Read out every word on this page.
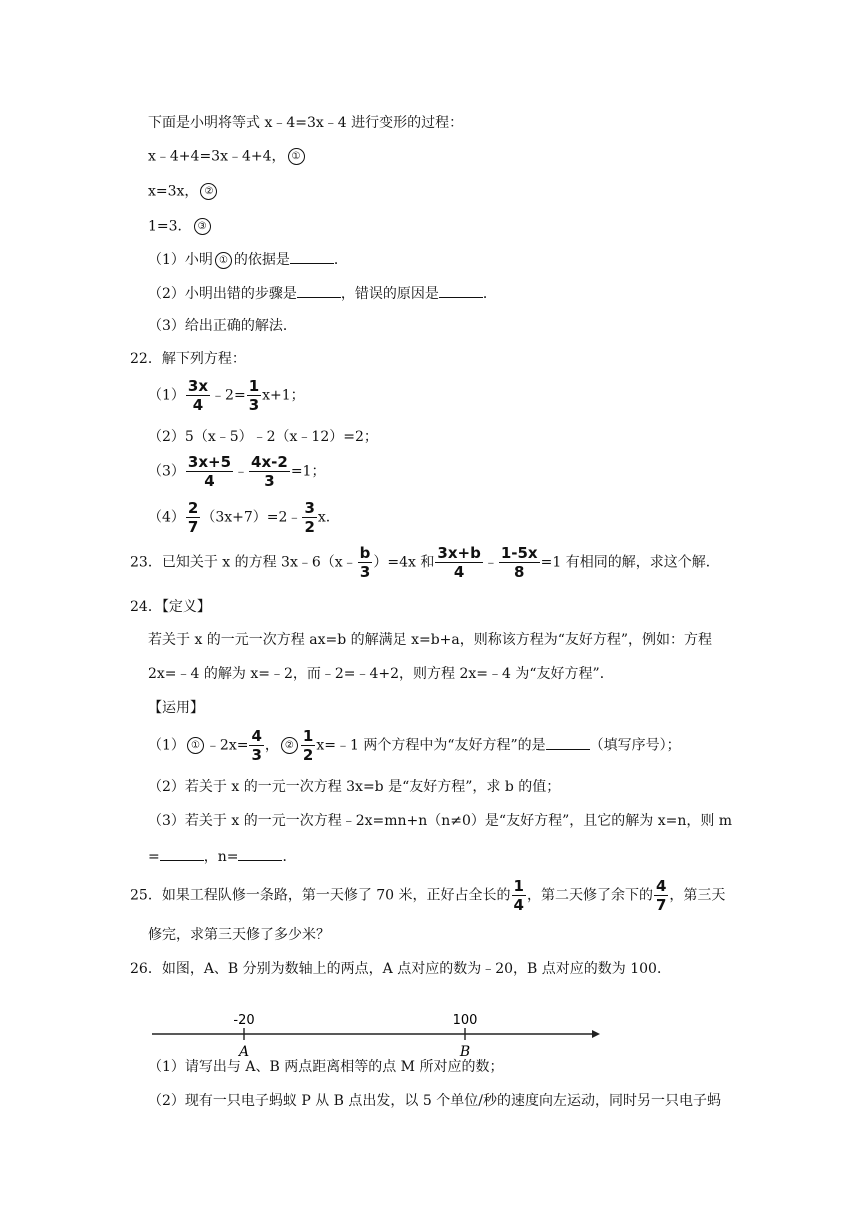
下面是小明将等式 x﹣4=3x﹣4 进行变形的过程：
x﹣4+4=3x﹣4+4， ①
x=3x， ②
1=3． ③
（1）小明 ① 的依据是	．
（2）小明出错的步骤是	，错误的原因是	．
（3）给出正确的解法．
22．解下列方程：
$(1) \frac{3x}{4}$ ﹣2= $\frac{1}{3} x+1$；
（2）5（x﹣5）﹣2（x﹣12）=2；
$(3) \frac{3x+5}{4}$ ﹣ $\frac{4x-2}{3} =1$；
$(4) \frac{2}{7}$ （3x+7）=2﹣ $\frac{3}{2} x$.
23．已知关于 x 的方程 3x﹣6（x﹣ $\frac{b}{3} )=4x$ 和 $\frac{3x+b}{4}$ ﹣ $\frac{1-5x}{8} =1$ 有相同的解，求这个解．
24．【定义】
若关于 x 的一元一次方程 ax=b 的解满足 x=b+a，则称该方程为“友好方程”，例如：方程
2x=﹣4 的解为 x=﹣2，而﹣2=﹣4+2，则方程 2x=﹣4 为“友好方程”．
【运用】
（1） ① ﹣2x= $\frac{4}{3}$ ， ② $\frac{1}{2}$ x=﹣1 两个方程中为“友好方程”的是	（填写序号）；
（2）若关于 x 的一元一次方程 3x=b 是“友好方程”，求 b 的值；
（3）若关于 x 的一元一次方程﹣2x=mn+n（n≠0）是“友好方程”，且它的解为 x=n，则 m
=	，n=	．
25．如果工程队修一条路，第一天修了 70 米，正好占全长的 $\frac{1}{4}$ ，第二天修了余下的 $\frac{4}{7}$ ，第三天
修完，求第三天修了多少米？
26．如图，A、B 分别为数轴上的两点，A 点对应的数为﹣20，B 点对应的数为 100．
-20	100
A	B
（1）请写出与 A、B 两点距离相等的点 M 所对应的数；
（2）现有一只电子蚂蚁 P 从 B 点出发，以 5 个单位/秒的速度向左运动，同时另一只电子蚂
